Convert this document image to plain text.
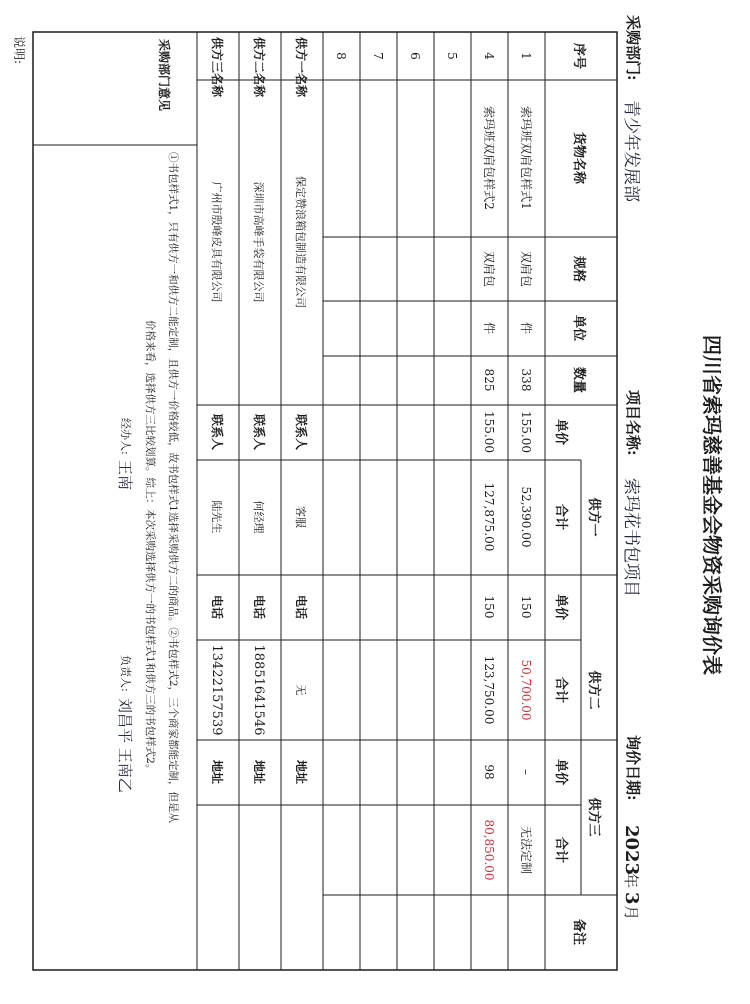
四川省索玛慈善基金会物资采购询价表
采购部门:
青少年发展部
项目名称:
索玛花书包项目
询价日期:
2023
年
3
月
序号
货物名称
规格
单位
数量
供方一
单价
合计
供方二
单价
合计
供方三
单价
合计
备注
1
索玛班双肩包样式1
双肩包
件
338
155.00
52,390.00
150
50,700.00
–
无法定制
4
索玛班双肩包样式2
双肩包
件
825
155.00
127,875.00
150
123,750.00
98
80,850.00
5
6
7
8
供方一名称
保定赞浪箱包制造有限公司
联系人
客服
电话
无
地址
供方二名称
深圳市高峰手袋有限公司
联系人
何经理
电话
18851641546
地址
供方三名称
广州市殷峰皮具有限公司
联系人
陆先生
电话
13422157539
地址
采购部门意见
①书包样式1，只有供方一和供方二能定制，且供方一价格较低，故书包样式1选择采购供方二的商品。②书包样式2，三个商家都能定制，但是从
价格来看，选择供方三比较划算。综上：本次采购选择供方一的书包样式1和供方三的书包样式2。
经办人:
王南
负责人:
刘昌平 王南乙
说明:
